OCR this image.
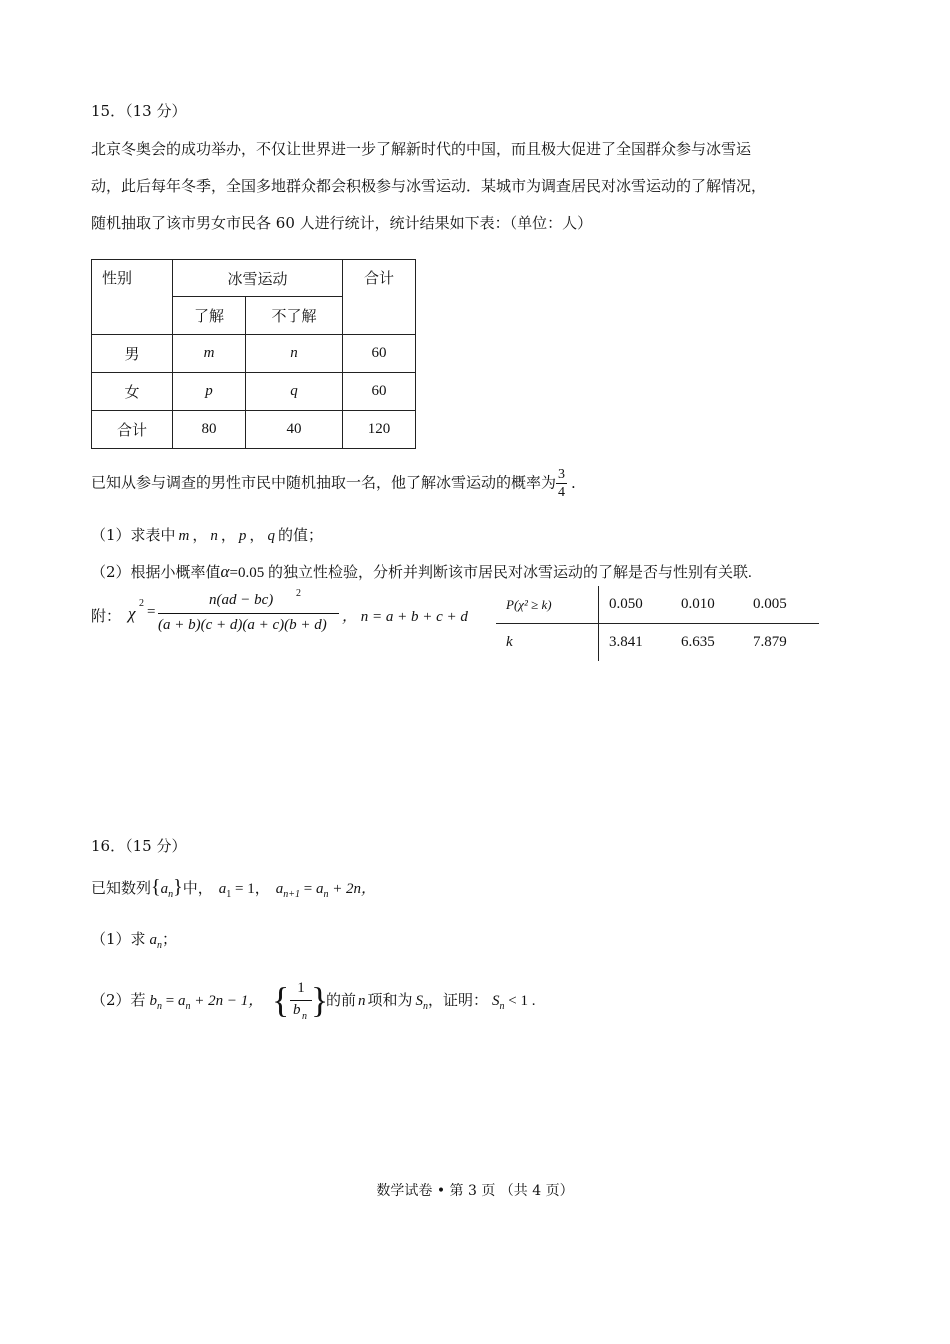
15．（13 分）
北京冬奥会的成功举办，不仅让世界进一步了解新时代的中国，而且极大促进了全国群众参与冰雪运
动，此后每年冬季，全国多地群众都会积极参与冰雪运动．某城市为调查居民对冰雪运动的了解情况，
随机抽取了该市男女市民各 60 人进行统计，统计结果如下表：（单位：人）
性别	冰雪运动		合计
	了解	不了解	
男	m	n	60
女	p	q	60
合计	80	40	120
已知从参与调查的男性市民中随机抽取一名，他了解冰雪运动的概率为 $\frac{3}{4}$ .
（1）求表中 m ， n ， p ， q 的值；
（2）根据小概率值α=0.05 的独立性检验，分析并判断该市居民对冰雪运动的了解是否与性别有关联.
附： χ
2
=
n(ad − bc) 2
(a + b)(c + d)(a + c)(b + d) ， n = a + b + c + d
P(χ² ≥ k)	0.050	0.010	0.005
k	3.841	6.635	7.879
16．（15 分）
已知数列$\{a_n\}$中， $a_1 = 1$， $a_{n+1} = a_n + 2n$，
（1）求 $a_n$；
（2）若 $b_n = a_n + 2n - 1$， { 1
b n }
的前 n 项和为 $S_n$，证明： $S_n < 1$ .
数学试卷 • 第 3 页 （共 4 页）
